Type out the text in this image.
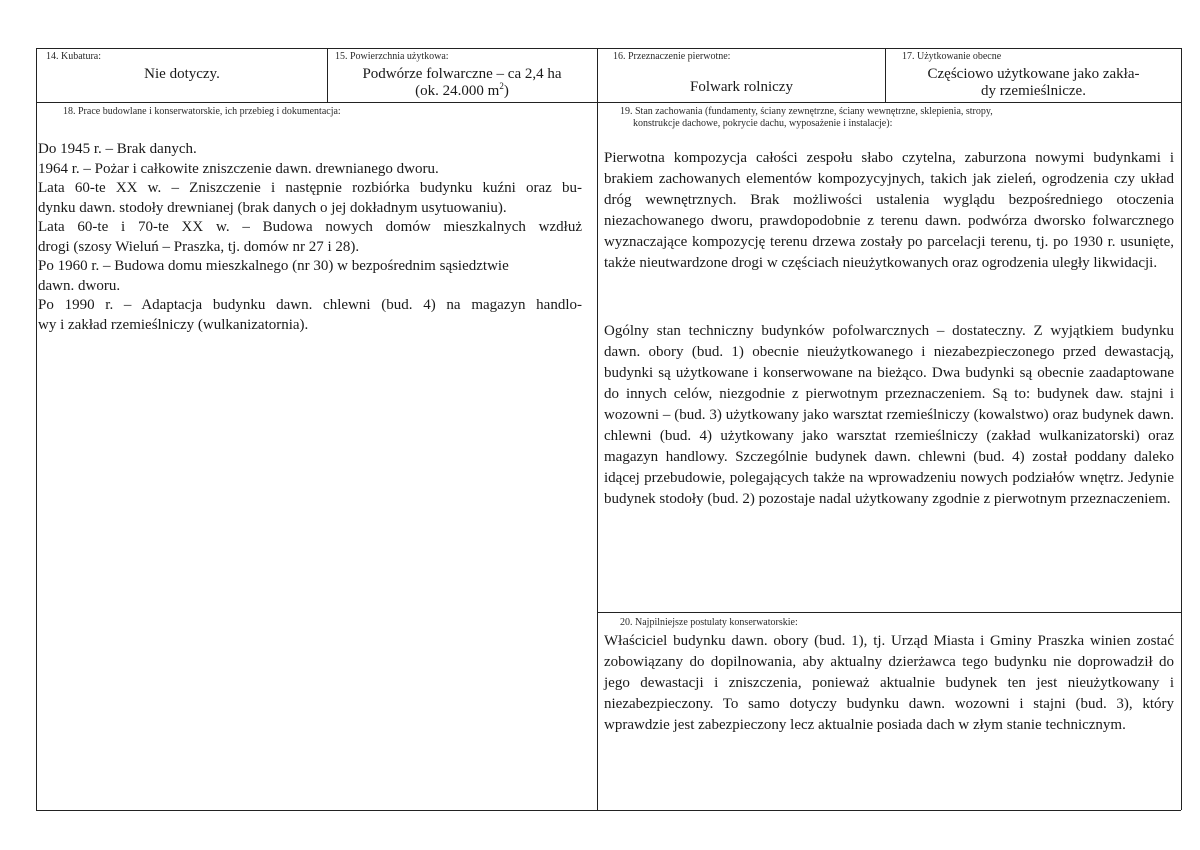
14. Kubatura:
Nie dotyczy.
15. Powierzchnia użytkowa:
Podwórze folwarczne – ca 2,4 ha
(ok. 24.000 $m^2$)
16. Przeznaczenie pierwotne:
Folwark rolniczy
17. Użytkowanie obecne
Częściowo użytkowane jako zakła-
dy rzemieślnicze.
18. Prace budowlane i konserwatorskie, ich przebieg i dokumentacja:
Do 1945 r. – Brak danych.
1964 r. – Pożar i całkowite zniszczenie dawn. drewnianego dworu.
Lata 60-te XX w. – Zniszczenie i następnie rozbiórka budynku kuźni oraz bu-
dynku dawn. stodoły drewnianej (brak danych o jej dokładnym usytuowaniu).
Lata 60-te i 70-te XX w. – Budowa nowych domów mieszkalnych wzdłuż
drogi (szosy Wieluń – Praszka, tj. domów nr 27 i 28).
Po 1960 r. – Budowa domu mieszkalnego (nr 30) w bezpośrednim sąsiedztwie
dawn. dworu.
Po 1990 r. – Adaptacja budynku dawn. chlewni (bud. 4) na magazyn handlo-
wy i zakład rzemieślniczy (wulkanizatornia).
19. Stan zachowania (fundamenty, ściany zewnętrzne, ściany wewnętrzne, sklepienia, stropy,
konstrukcje dachowe, pokrycie dachu, wyposażenie i instalacje):

Pierwotna kompozycja całości zespołu słabo czytelna, zaburzona nowymi budynkami i brakiem zachowanych elementów kompozycyjnych, takich jak zieleń, ogrodzenia czy układ dróg wewnętrznych. Brak możliwości ustalenia wyglądu bezpośredniego otoczenia niezachowanego dworu, prawdopodobnie z terenu dawn. podwórza dworsko folwarcznego wyznaczające kompozycję terenu drzewa zostały po parcelacji terenu, tj. po 1930 r. usunięte, także nieutwardzone drogi w częściach nieużytkowanych oraz ogrodzenia uległy likwidacji.

Ogólny stan techniczny budynków pofolwarcznych – dostateczny. Z wyjątkiem budynku dawn. obory (bud. 1) obecnie nieużytkowanego i niezabezpieczonego przed dewastacją, budynki są użytkowane i konserwowane na bieżąco. Dwa budynki są obecnie zaadaptowane do innych celów, niezgodnie z pierwotnym przeznaczeniem. Są to: budynek daw. stajni i wozowni – (bud. 3) użytkowany jako warsztat rzemieślniczy (kowalstwo) oraz budynek dawn. chlewni (bud. 4) użytkowany jako warsztat rzemieślniczy (zakład wulkanizatorski) oraz magazyn handlowy. Szczególnie budynek dawn. chlewni (bud. 4) został poddany daleko idącej przebudowie, polegających także na wprowadzeniu nowych podziałów wnętrz. Jedynie budynek stodoły (bud. 2) pozostaje nadal użytkowany zgodnie z pierwotnym przeznaczeniem.

20. Najpilniejsze postulaty konserwatorskie:

Właściciel budynku dawn. obory (bud. 1), tj. Urząd Miasta i Gminy Praszka winien zostać zobowiązany do dopilnowania, aby aktualny dzierżawca tego budynku nie doprowadził do jego dewastacji i zniszczenia, ponieważ aktualnie budynek ten jest nieużytkowany i niezabezpieczony. To samo dotyczy budynku dawn. wozowni i stajni (bud. 3), który wprawdzie jest zabezpieczony lecz aktualnie posiada dach w złym stanie technicznym.
